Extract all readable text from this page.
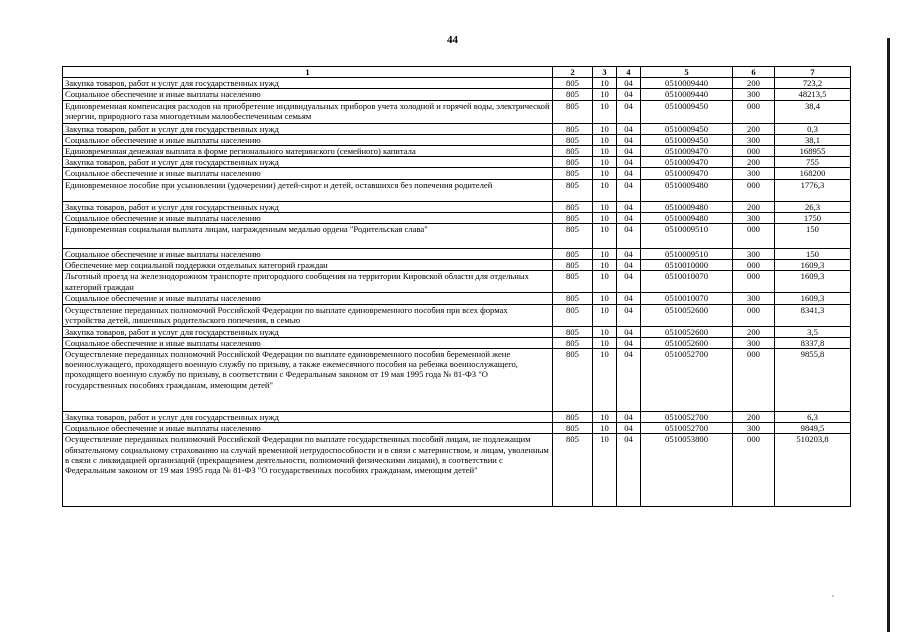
44
1	2	3	4	5	6	7
Закупка товаров, работ и услуг для государственных нужд	805	10	04	0510009440	200	723,2
Социальное обеспечение и иные выплаты населению	805	10	04	0510009440	300	48213,5
Единовременная компенсация расходов на приобретение индивидуальных приборов учета холодной и горячей воды, электрической энергии, природного газа многодетным малообеспеченным семьям	805	10	04	0510009450	000	38,4
Закупка товаров, работ и услуг для государственных нужд	805	10	04	0510009450	200	0,3
Социальное обеспечение и иные выплаты населению	805	10	04	0510009450	300	38,1
Единовременная денежная выплата в форме регионального материнского (семейного) капитала	805	10	04	0510009470	000	168955
Закупка товаров, работ и услуг для государственных нужд	805	10	04	0510009470	200	755
Социальное обеспечение и иные выплаты населению	805	10	04	0510009470	300	168200
Единовременное пособие при усыновлении (удочерении) детей-сирот и детей, оставшихся без попечения родителей	805	10	04	0510009480	000	1776,3
Закупка товаров, работ и услуг для государственных нужд	805	10	04	0510009480	200	26,3
Социальное обеспечение и иные выплаты населению	805	10	04	0510009480	300	1750
Единовременная социальная выплата лицам, награжденным медалью ордена "Родительская слава"	805	10	04	0510009510	000	150
Социальное обеспечение и иные выплаты населению	805	10	04	0510009510	300	150
Обеспечение мер социальной поддержки отдельных категорий граждан	805	10	04	0510010000	000	1609,3
Льготный проезд на железнодорожном транспорте пригородного сообщения на территории Кировской области для отдельных категорий граждан	805	10	04	0510010070	000	1609,3
Социальное обеспечение и иные выплаты населению	805	10	04	0510010070	300	1609,3
Осуществление переданных полномочий Российской Федерации по выплате единовременного пособия при всех формах устройства детей, лишенных родительского попечения, в семью	805	10	04	0510052600	000	8341,3
Закупка товаров, работ и услуг для государственных нужд	805	10	04	0510052600	200	3,5
Социальное обеспечение и иные выплаты населению	805	10	04	0510052600	300	8337,8
Осуществление переданных полномочий Российской Федерации по выплате единовременного пособия беременной жене военнослужащего, проходящего военную службу по призыву, а также ежемесячного пособия на ребенка военнослужащего, проходящего военную службу по призыву, в соответствии с Федеральным законом от 19 мая 1995 года № 81-ФЗ "О государственных пособиях гражданам, имеющим детей"	805	10	04	0510052700	000	9855,8
Закупка товаров, работ и услуг для государственных нужд	805	10	04	0510052700	200	6,3
Социальное обеспечение и иные выплаты населению	805	10	04	0510052700	300	9849,5
Осуществление переданных полномочий Российской Федерации по выплате государственных пособий лицам, не подлежащим обязательному социальному страхованию на случай временной нетрудоспособности и в связи с материнством, и лицам, уволенным в связи с ликвидацией организаций (прекращением деятельности, полномочий физическими лицами), в соответствии с Федеральным законом от 19 мая 1995 года № 81-ФЗ "О государственных пособиях гражданам, имеющим детей"	805	10	04	0510053800	000	510203,8
,
